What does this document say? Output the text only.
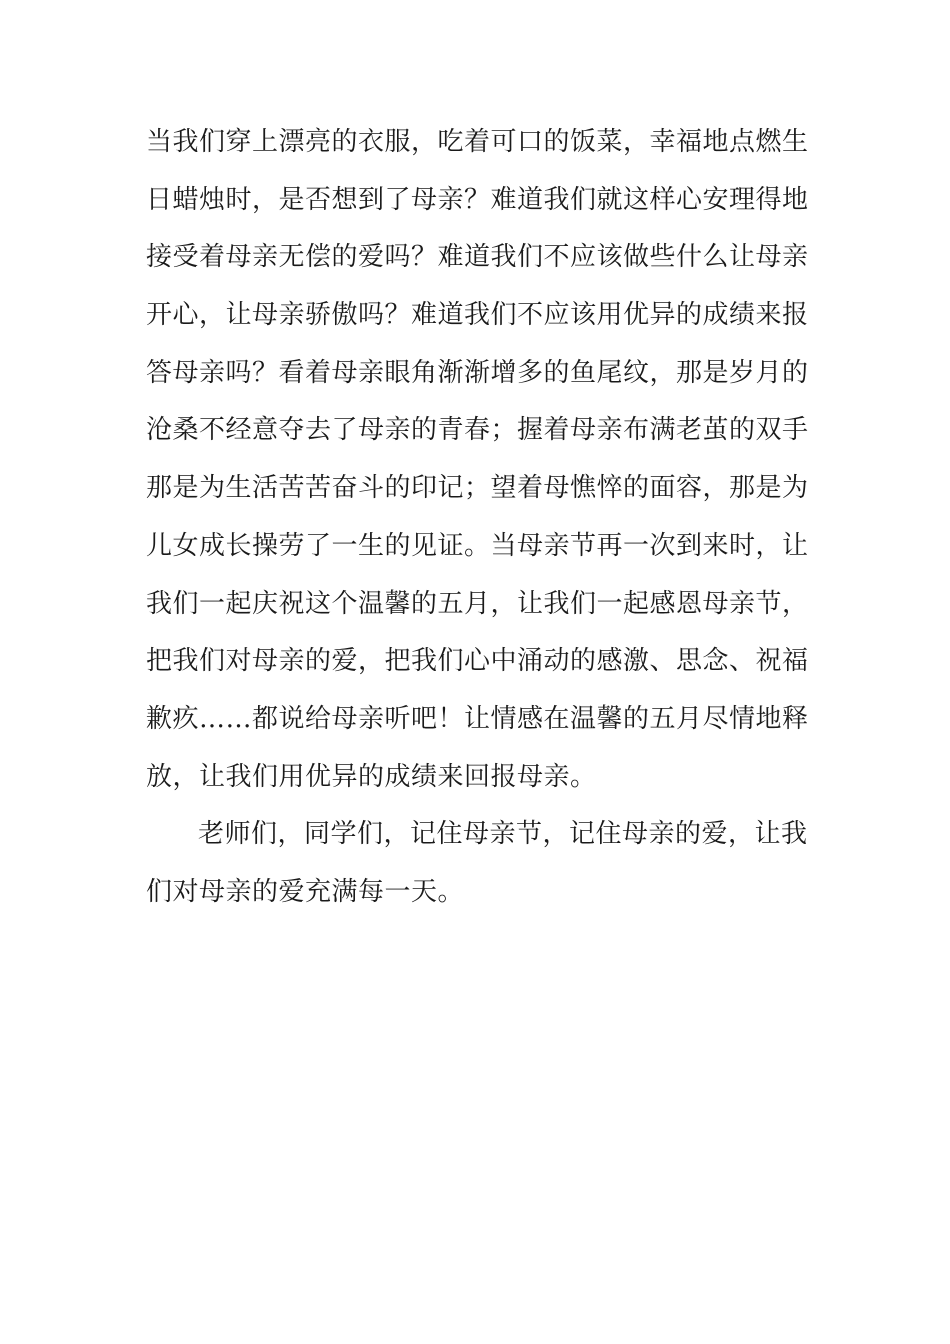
当我们穿上漂亮的衣服，吃着可口的饭菜，幸福地点燃生
日蜡烛时，是否想到了母亲？难道我们就这样心安理得地
接受着母亲无偿的爱吗？难道我们不应该做些什么让母亲
开心，让母亲骄傲吗？难道我们不应该用优异的成绩来报
答母亲吗？看着母亲眼角渐渐增多的鱼尾纹，那是岁月的
沧桑不经意夺去了母亲的青春；握着母亲布满老茧的双手
那是为生活苦苦奋斗的印记；望着母憔悴的面容，那是为
儿女成长操劳了一生的见证。当母亲节再一次到来时，让
我们一起庆祝这个温馨的五月，让我们一起感恩母亲节，
把我们对母亲的爱，把我们心中涌动的感激、思念、祝福
歉疚……都说给母亲听吧！让情感在温馨的五月尽情地释
放，让我们用优异的成绩来回报母亲。
老师们，同学们，记住母亲节，记住母亲的爱，让我
们对母亲的爱充满每一天。
